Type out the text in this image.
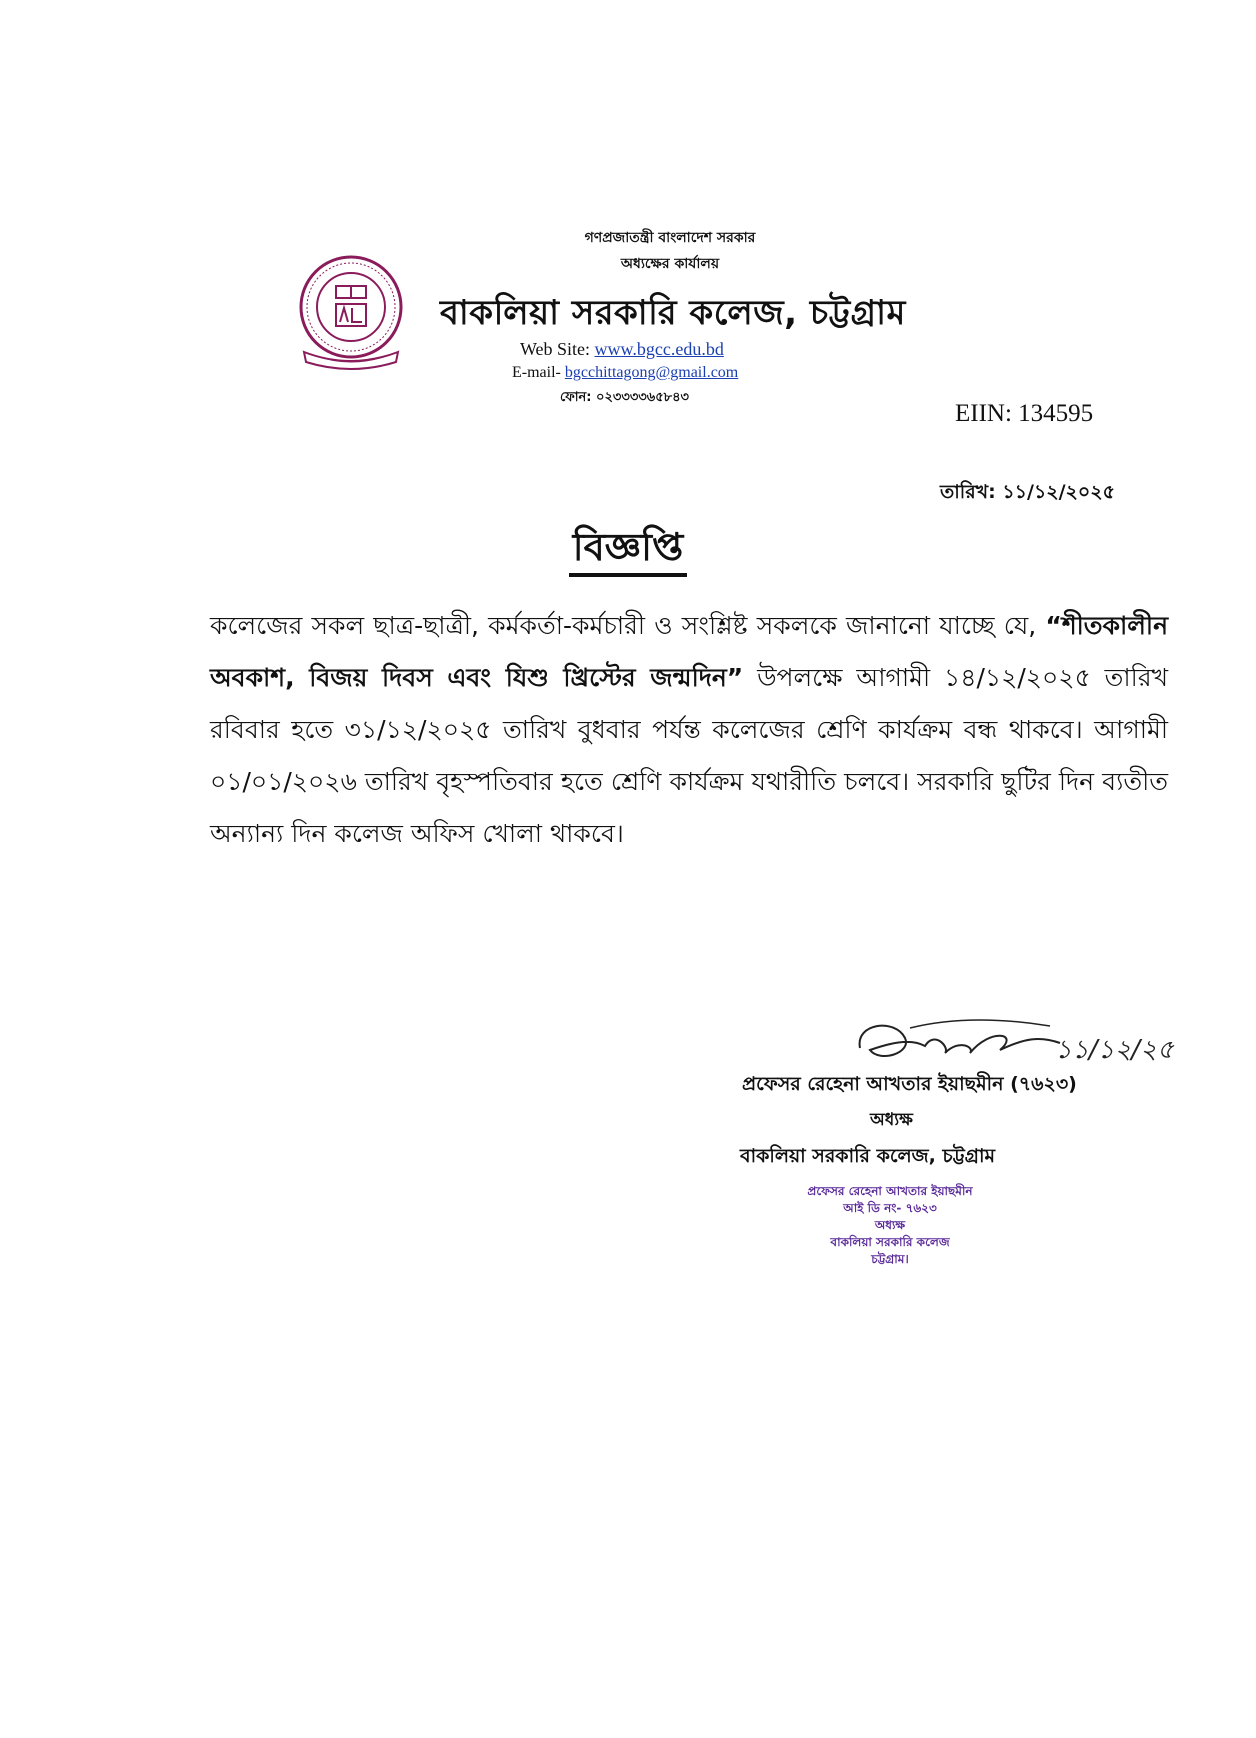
গণপ্রজাতন্ত্রী বাংলাদেশ সরকার
অধ্যক্ষের কার্যালয়
বাকলিয়া সরকারি কলেজ, চট্টগ্রাম
Web Site: www.bgcc.edu.bd
E-mail- bgcchittagong@gmail.com
ফোন: ০২৩৩৩৩৬৫৮৪৩
EIIN: 134595
তারিখ: ১১/১২/২০২৫
বিজ্ঞপ্তি
কলেজের সকল ছাত্র-ছাত্রী, কর্মকর্তা-কর্মচারী ও সংশ্লিষ্ট সকলকে জানানো যাচ্ছে যে, “শীতকালীন অবকাশ, বিজয় দিবস এবং যিশু খ্রিস্টের জন্মদিন” উপলক্ষে আগামী ১৪/১২/২০২৫ তারিখ রবিবার হতে ৩১/১২/২০২৫ তারিখ বুধবার পর্যন্ত কলেজের শ্রেণি কার্যক্রম বন্ধ থাকবে। আগামী ০১/০১/২০২৬ তারিখ বৃহস্পতিবার হতে শ্রেণি কার্যক্রম যথারীতি চলবে। সরকারি ছুটির দিন ব্যতীত অন্যান্য দিন কলেজ অফিস খোলা থাকবে।
১১/১২/২৫
প্রফেসর রেহেনা আখতার ইয়াছমীন (৭৬২৩)
অধ্যক্ষ
বাকলিয়া সরকারি কলেজ, চট্টগ্রাম
প্রফেসর রেহেনা আখতার ইয়াছমীন
আই ডি নং- ৭৬২৩
অধ্যক্ষ
বাকলিয়া সরকারি কলেজ
চট্টগ্রাম।
